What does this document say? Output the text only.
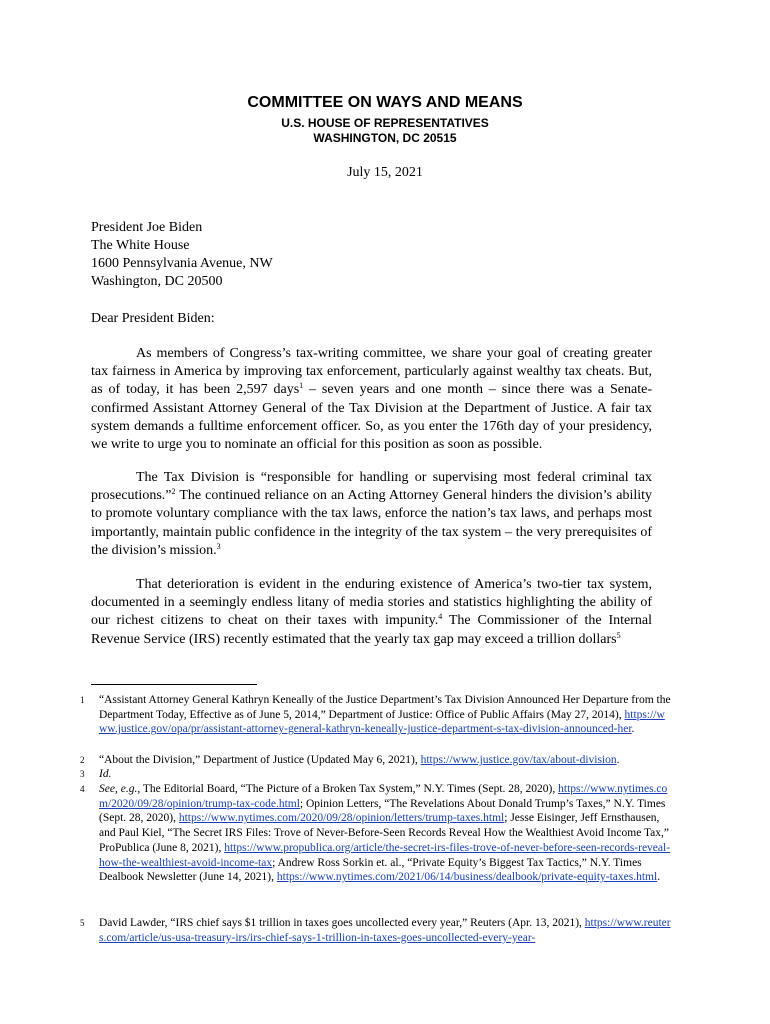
COMMITTEE ON WAYS AND MEANS
U.S. HOUSE OF REPRESENTATIVES
WASHINGTON, DC 20515
July 15, 2021
President Joe Biden
The White House
1600 Pennsylvania Avenue, NW
Washington, DC 20500
Dear President Biden:
As members of Congress’s tax-writing committee, we share your goal of creating greater tax fairness in America by improving tax enforcement, particularly against wealthy tax cheats. But, as of today, it has been 2,597 days$^1$ – seven years and one month – since there was a Senate-confirmed Assistant Attorney General of the Tax Division at the Department of Justice. A fair tax system demands a fulltime enforcement officer. So, as you enter the 176th day of your presidency, we write to urge you to nominate an official for this position as soon as possible.
The Tax Division is “responsible for handling or supervising most federal criminal tax prosecutions.”$^2$ The continued reliance on an Acting Attorney General hinders the division’s ability to promote voluntary compliance with the tax laws, enforce the nation’s tax laws, and perhaps most importantly, maintain public confidence in the integrity of the tax system – the very prerequisites of the division’s mission.$^3$
That deterioration is evident in the enduring existence of America’s two-tier tax system, documented in a seemingly endless litany of media stories and statistics highlighting the ability of our richest citizens to cheat on their taxes with impunity.$^4$ The Commissioner of the Internal Revenue Service (IRS) recently estimated that the yearly tax gap may exceed a trillion dollars$^5$
1 “Assistant Attorney General Kathryn Keneally of the Justice Department’s Tax Division Announced Her Departure from the Department Today, Effective as of June 5, 2014,” Department of Justice: Office of Public Affairs (May 27, 2014), https://www.justice.gov/opa/pr/assistant-attorney-general-kathryn-keneally-justice-department-s-tax-division-announced-her.
2 “About the Division,” Department of Justice (Updated May 6, 2021), https://www.justice.gov/tax/about-division.
3 Id.
4 See, e.g., The Editorial Board, “The Picture of a Broken Tax System,” N.Y. Times (Sept. 28, 2020), https://www.nytimes.com/2020/09/28/opinion/trump-tax-code.html; Opinion Letters, “The Revelations About Donald Trump’s Taxes,” N.Y. Times (Sept. 28, 2020), https://www.nytimes.com/2020/09/28/opinion/letters/trump-taxes.html; Jesse Eisinger, Jeff Ernsthausen, and Paul Kiel, “The Secret IRS Files: Trove of Never-Before-Seen Records Reveal How the Wealthiest Avoid Income Tax,” ProPublica (June 8, 2021), https://www.propublica.org/article/the-secret-irs-files-trove-of-never-before-seen-records-reveal-how-the-wealthiest-avoid-income-tax; Andrew Ross Sorkin et. al., “Private Equity’s Biggest Tax Tactics,” N.Y. Times Dealbook Newsletter (June 14, 2021), https://www.nytimes.com/2021/06/14/business/dealbook/private-equity-taxes.html.
5 David Lawder, “IRS chief says $1 trillion in taxes goes uncollected every year,” Reuters (Apr. 13, 2021), https://www.reuters.com/article/us-usa-treasury-irs/irs-chief-says-1-trillion-in-taxes-goes-uncollected-every-year-
